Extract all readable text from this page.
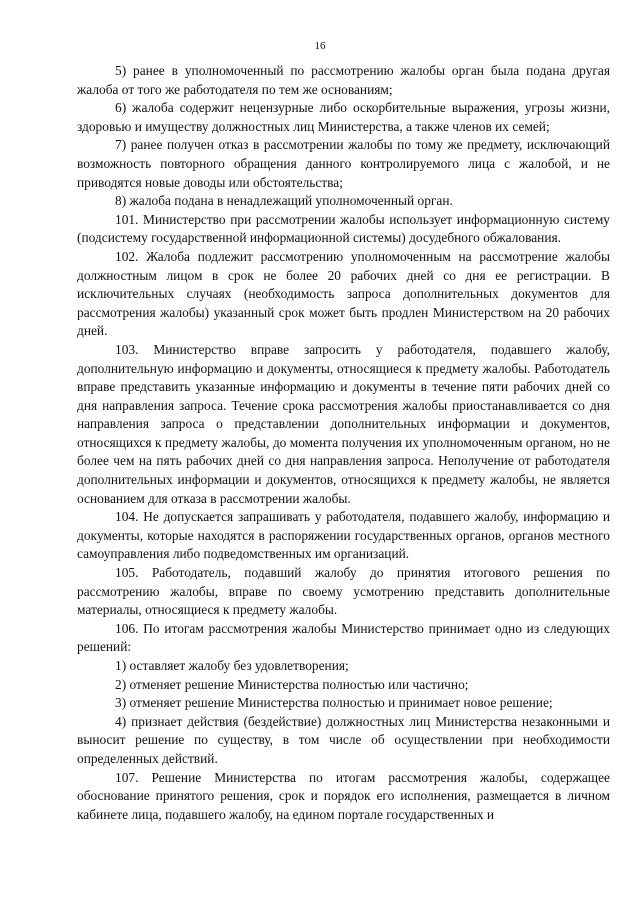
16

5) ранее в уполномоченный по рассмотрению жалобы орган была подана другая жалоба от того же работодателя по тем же основаниям;

6) жалоба содержит нецензурные либо оскорбительные выражения, угрозы жизни, здоровью и имуществу должностных лиц Министерства, а также членов их семей;

7) ранее получен отказ в рассмотрении жалобы по тому же предмету, исключающий возможность повторного обращения данного контролируемого лица с жалобой, и не приводятся новые доводы или обстоятельства;

8) жалоба подана в ненадлежащий уполномоченный орган.

101. Министерство при рассмотрении жалобы использует информационную систему (подсистему государственной информационной системы) досудебного обжалования.

102. Жалоба подлежит рассмотрению уполномоченным на рассмотрение жалобы должностным лицом в срок не более 20 рабочих дней со дня ее регистрации. В исключительных случаях (необходимость запроса дополнительных документов для рассмотрения жалобы) указанный срок может быть продлен Министерством на 20 рабочих дней.

103. Министерство вправе запросить у работодателя, подавшего жалобу, дополнительную информацию и документы, относящиеся к предмету жалобы. Работодатель вправе представить указанные информацию и документы в течение пяти рабочих дней со дня направления запроса. Течение срока рассмотрения жалобы приостанавливается со дня направления запроса о представлении дополнительных информации и документов, относящихся к предмету жалобы, до момента получения их уполномоченным органом, но не более чем на пять рабочих дней со дня направления запроса. Неполучение от работодателя дополнительных информации и документов, относящихся к предмету жалобы, не является основанием для отказа в рассмотрении жалобы.

104. Не допускается запрашивать у работодателя, подавшего жалобу, информацию и документы, которые находятся в распоряжении государственных органов, органов местного самоуправления либо подведомственных им организаций.

105. Работодатель, подавший жалобу до принятия итогового решения по рассмотрению жалобы, вправе по своему усмотрению представить дополнительные материалы, относящиеся к предмету жалобы.

106. По итогам рассмотрения жалобы Министерство принимает одно из следующих решений:

1) оставляет жалобу без удовлетворения;

2) отменяет решение Министерства полностью или частично;

3) отменяет решение Министерства полностью и принимает новое решение;

4) признает действия (бездействие) должностных лиц Министерства незаконными и выносит решение по существу, в том числе об осуществлении при необходимости определенных действий.

107. Решение Министерства по итогам рассмотрения жалобы, содержащее обоснование принятого решения, срок и порядок его исполнения, размещается в личном кабинете лица, подавшего жалобу, на едином портале государственных и
